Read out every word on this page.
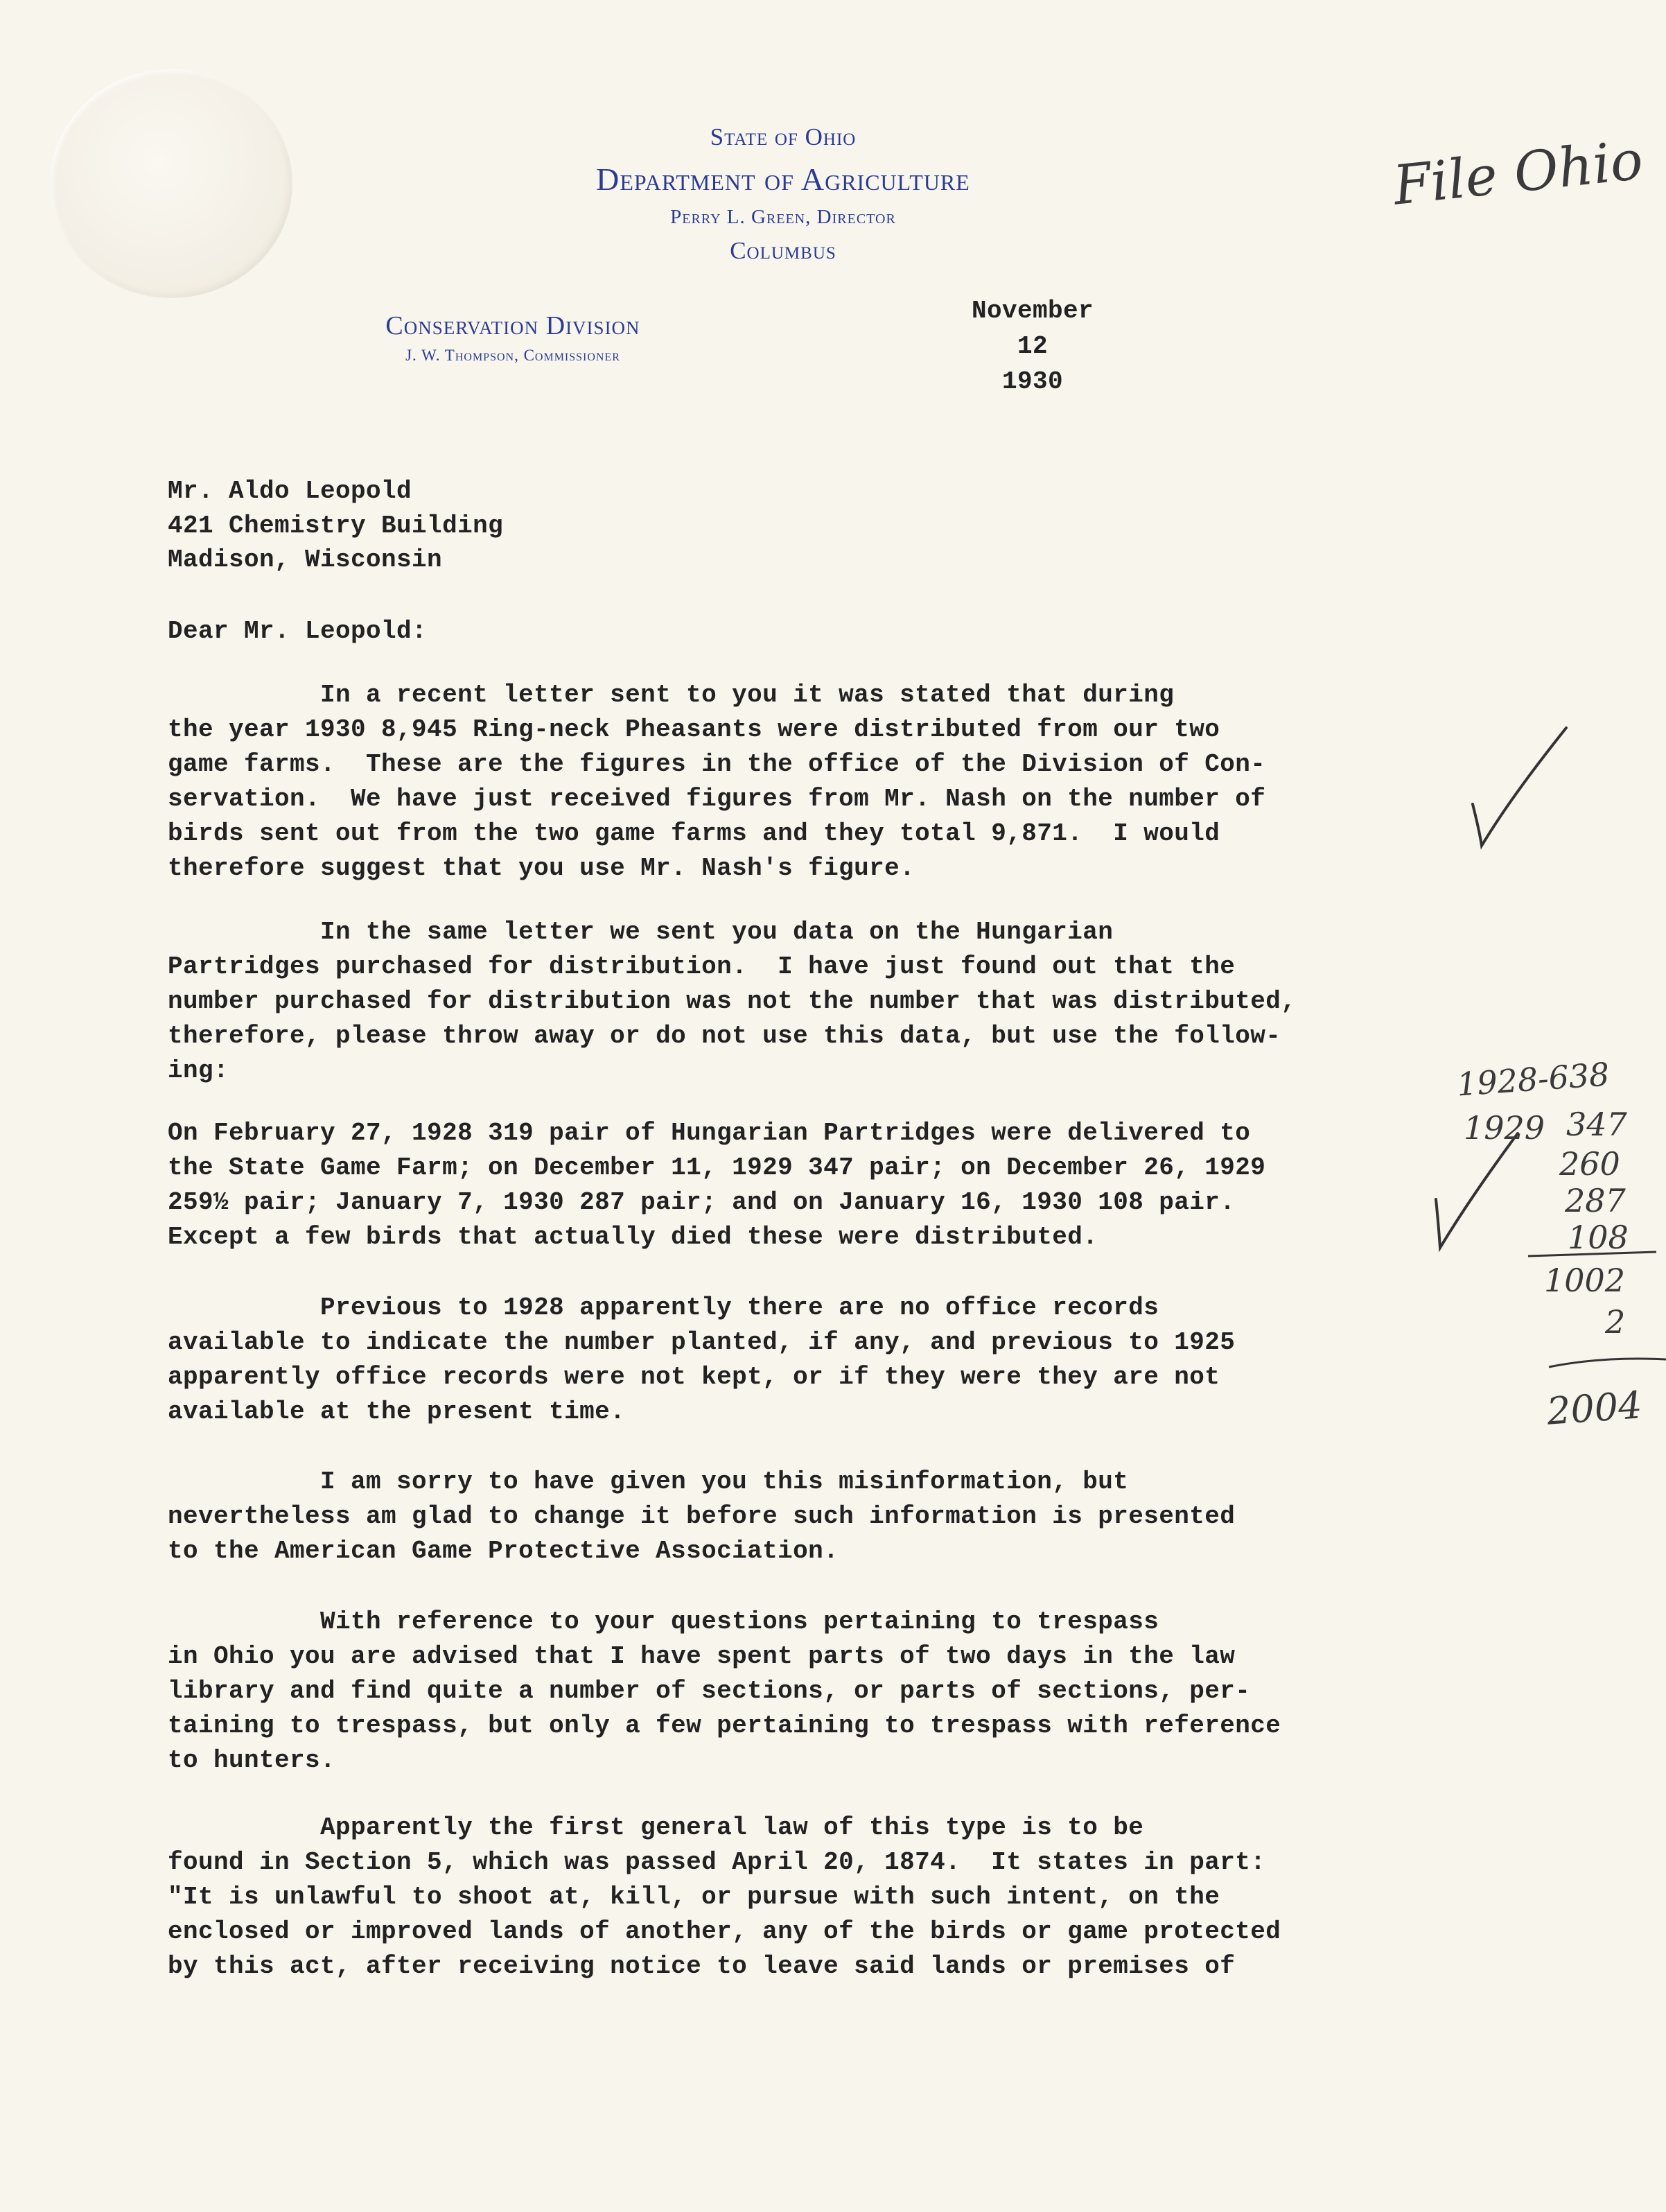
State of Ohio
Department of Agriculture
Perry L. Green, Director
Columbus
Conservation Division
J. W. Thompson, Commissioner
File Ohio
November
12
1930
Mr. Aldo Leopold
421 Chemistry Building
Madison, Wisconsin
Dear Mr. Leopold:
In a recent letter sent to you it was stated that during
the year 1930 8,945 Ring-neck Pheasants were distributed from our two
game farms.  These are the figures in the office of the Division of Con-
servation.  We have just received figures from Mr. Nash on the number of
birds sent out from the two game farms and they total 9,871.  I would
therefore suggest that you use Mr. Nash's figure.
In the same letter we sent you data on the Hungarian
Partridges purchased for distribution.  I have just found out that the
number purchased for distribution was not the number that was distributed,
therefore, please throw away or do not use this data, but use the follow-
ing:
On February 27, 1928 319 pair of Hungarian Partridges were delivered to
the State Game Farm; on December 11, 1929 347 pair; on December 26, 1929
259½ pair; January 7, 1930 287 pair; and on January 16, 1930 108 pair.
Except a few birds that actually died these were distributed.
Previous to 1928 apparently there are no office records
available to indicate the number planted, if any, and previous to 1925
apparently office records were not kept, or if they were they are not
available at the present time.
I am sorry to have given you this misinformation, but
nevertheless am glad to change it before such information is presented
to the American Game Protective Association.
With reference to your questions pertaining to trespass
in Ohio you are advised that I have spent parts of two days in the law
library and find quite a number of sections, or parts of sections, per-
taining to trespass, but only a few pertaining to trespass with reference
to hunters.
Apparently the first general law of this type is to be
found in Section 5, which was passed April 20, 1874.  It states in part:
"It is unlawful to shoot at, kill, or pursue with such intent, on the
enclosed or improved lands of another, any of the birds or game protected
by this act, after receiving notice to leave said lands or premises of
1928-638
1929 347
260
287
108
1002
2
2004
